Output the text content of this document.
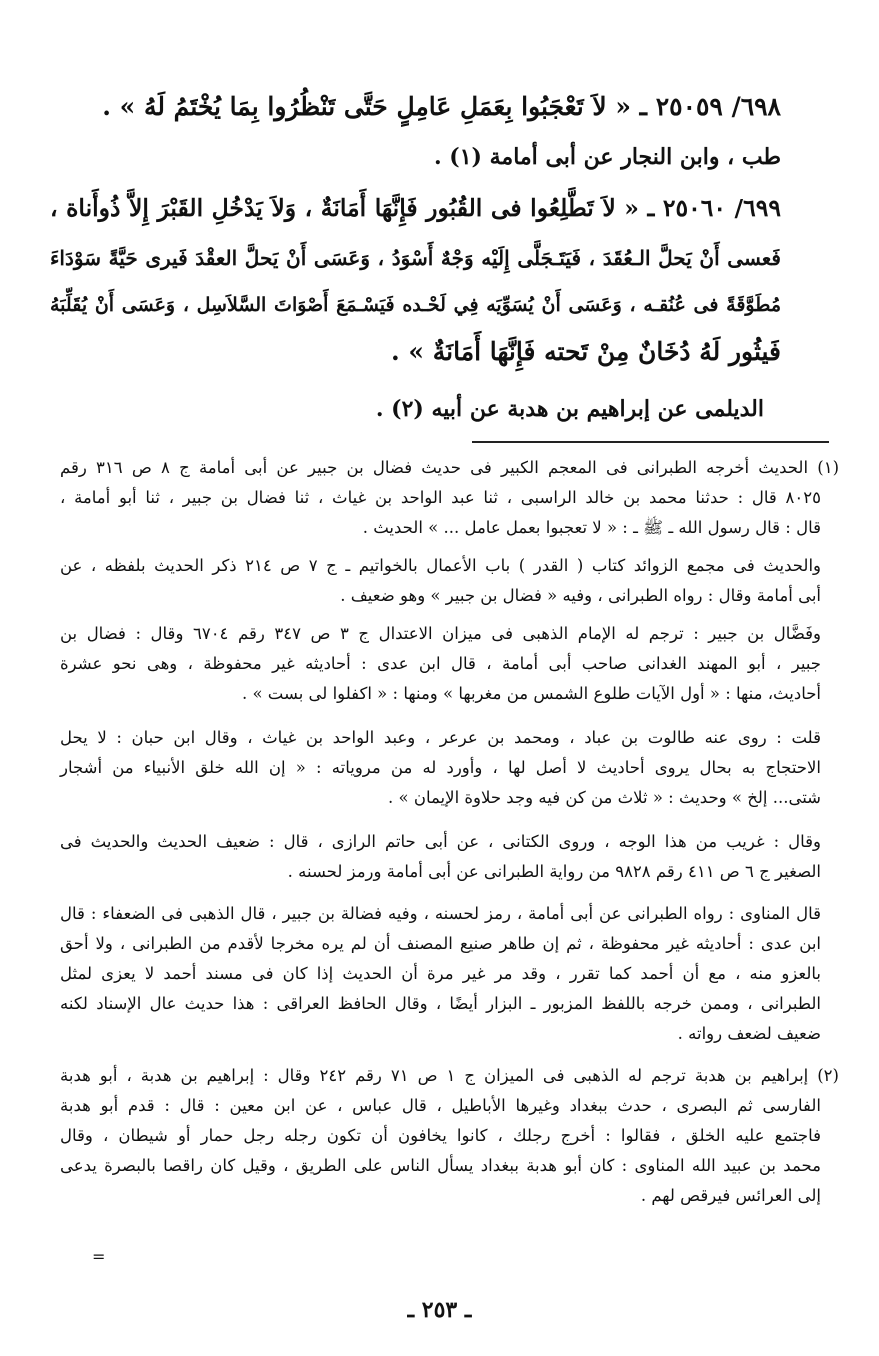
٦٩٨/ ٢٥٠٥٩ ـ « لاَ تَعْجَبُوا بِعَمَلِ عَامِلٍ حَتَّى تَنْظُرُوا بِمَا يُخْتَمُ لَهُ » .
طب ، وابن النجار عن أبى أمامة (١) .
٦٩٩/ ٢٥٠٦٠ ـ « لاَ تَطَّلِعُوا فى القُبُور فَإِنَّهَا أَمَانَةٌ ، وَلاَ يَدْخُلِ القَبْرَ إِلاَّ ذُوأَناة ،
فَعسى أَنْ يَحلَّ الـعُقَدَ ، فَيَتَـجَلَّى إِلَيْه وَجْهٌ أَسْوَدُ ، وَعَسَى أَنْ يَحلَّ العقْدَ فَيرى حَيَّةً سَوْدَاءَ
مُطَوَّقَةً فى عُنُقـه ، وَعَسَى أَنْ يُسَوِّيَه فِي لَحْـده فَيَسْـمَعَ أَصْوَاتَ السَّلاَسِل ، وَعَسَى أَنْ يُقَلِّبَهُ
فَيثُور لَهُ دُخَانٌ مِنْ تَحته فَإِنَّهَا أَمَانَةٌ » .
الديلمى عن إبراهيم بن هدبة عن أبيه (٢) .
(١) الحديث أخرجه الطبرانى فى المعجم الكبير فى حديث فضال بن جبير عن أبى أمامة ج ٨ ص ٣١٦ رقم
٨٠٢٥ قال : حدثنا محمد بن خالد الراسبى ، ثنا عبد الواحد بن غياث ، ثنا فضال بن جبير ، ثنا أبو أمامة ،
قال : قال رسول الله ـ ﷺ ـ : « لا تعجبوا بعمل عامل ... » الحديث .
والحديث فى مجمع الزوائد كتاب ( القدر ) باب الأعمال بالخواتيم ـ ج ٧ ص ٢١٤ ذكر الحديث بلفظه ، عن
أبى أمامة وقال : رواه الطبرانى ، وفيه « فضال بن جبير » وهو ضعيف .
وفَضَّال بن جبير : ترجم له الإمام الذهبى فى ميزان الاعتدال ج ٣ ص ٣٤٧ رقم ٦٧٠٤ وقال : فضال بن
جبير ، أبو المهند الغدانى صاحب أبى أمامة ، قال ابن عدى : أحاديثه غير محفوظة ، وهى نحو عشرة
أحاديث، منها : « أول الآيات طلوع الشمس من مغربها » ومنها : « اكفلوا لى بست » .
قلت : روى عنه طالوت بن عباد ، ومحمد بن عرعر ، وعبد الواحد بن غياث ، وقال ابن حبان : لا يحل
الاحتجاج به بحال يروى أحاديث لا أصل لها ، وأورد له من مروياته : « إن الله خلق الأنبياء من أشجار
شتى... إلخ » وحديث : « ثلاث من كن فيه وجد حلاوة الإيمان » .
وقال : غريب من هذا الوجه ، وروى الكتانى ، عن أبى حاتم الرازى ، قال : ضعيف الحديث والحديث فى
الصغير ج ٦ ص ٤١١ رقم ٩٨٢٨ من رواية الطبرانى عن أبى أمامة ورمز لحسنه .
قال المناوى : رواه الطبرانى عن أبى أمامة ، رمز لحسنه ، وفيه فضالة بن جبير ، قال الذهبى فى الضعفاء : قال
ابن عدى : أحاديثه غير محفوظة ، ثم إن طاهر صنيع المصنف أن لم يره مخرجا لأقدم من الطبرانى ، ولا أحق
بالعزو منه ، مع أن أحمد كما تقرر ، وقد مر غير مرة أن الحديث إذا كان فى مسند أحمد لا يعزى لمثل
الطبرانى ، وممن خرجه باللفظ المزبور ـ البزار أيضًا ، وقال الحافظ العراقى : هذا حديث عال الإسناد لكنه
ضعيف لضعف رواته .
(٢) إبراهيم بن هدبة ترجم له الذهبى فى الميزان ج ١ ص ٧١ رقم ٢٤٢ وقال : إبراهيم بن هدبة ، أبو هدبة
الفارسى ثم البصرى ، حدث ببغداد وغيرها الأباطيل ، قال عباس ، عن ابن معين : قال : قدم أبو هدبة
فاجتمع عليه الخلق ، فقالوا : أخرج رجلك ، كانوا يخافون أن تكون رجله رجل حمار أو شيطان ، وقال
محمد بن عبيد الله المناوى : كان أبو هدبة ببغداد يسأل الناس على الطريق ، وقيل كان راقصا بالبصرة يدعى
إلى العرائس فيرقص لهم .
=
ـ ٢٥٣ ـ
